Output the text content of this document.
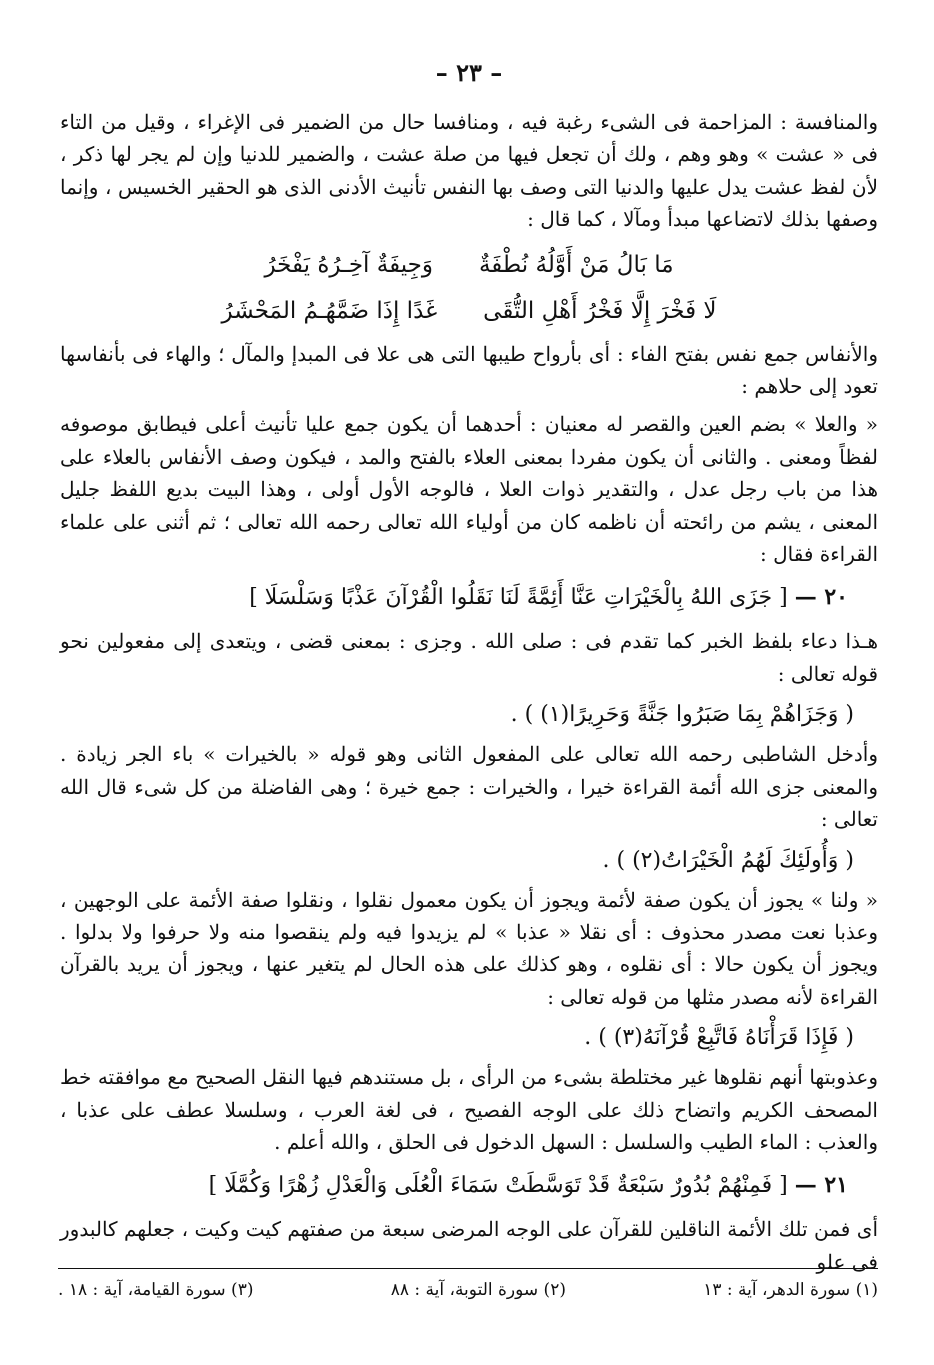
– ٢٣ –

والمنافسة : المزاحمة فى الشىء رغبة فيه ، ومنافسا حال من الضمير فى الإغراء ، وقيل من التاء فى « عشت » وهو وهم ، ولك أن تجعل فيها من صلة عشت ، والضمير للدنيا وإن لم يجر لها ذكر ، لأن لفظ عشت يدل عليها والدنيا التى وصف بها النفس تأنيث الأدنى الذى هو الحقير الخسيس ، وإنما وصفها بذلك لاتضاعها مبدأ ومآلا ، كما قال :

مَا بَالُ مَنْ أَوَّلُهُ نُطْفَةٌ
وَجِيفَةٌ آخِـرُهُ يَفْخَرُ
لَا فَخْرَ إِلَّا فَخْرُ أَهْلِ التُّقَى
غَدًا إِذَا ضَمَّهُـمُ المَحْشَرُ

والأنفاس جمع نفس بفتح الفاء : أى بأرواح طيبها التى هى علا فى المبدإ والمآل ؛ والهاء فى بأنفاسها تعود إلى حلاهم :

« والعلا » بضم العين والقصر له معنيان : أحدهما أن يكون جمع عليا تأنيث أعلى فيطابق موصوفه لفظاً ومعنى . والثانى أن يكون مفردا بمعنى العلاء بالفتح والمد ، فيكون وصف الأنفاس بالعلاء على هذا من باب رجل عدل ، والتقدير ذوات العلا ، فالوجه الأول أولى ، وهذا البيت بديع اللفظ جليل المعنى ، يشم من رائحته أن ناظمه كان من أولياء الله تعالى رحمه الله تعالى ؛ ثم أثنى على علماء القراءة فقال :

٢٠ — [ جَزَى اللهُ بِالْخَيْرَاتِ عَنَّا أَئِمَّةً لَنَا نَقَلُوا الْقُرْآنَ عَذْبًا وَسَلْسَلَا ]

هـذا دعاء بلفظ الخبر كما تقدم فى : صلى الله . وجزى : بمعنى قضى ، ويتعدى إلى مفعولين نحو قوله تعالى :

( وَجَزَاهُمْ بِمَا صَبَرُوا جَنَّةً وَحَرِيرًا(١) ) .

وأدخل الشاطبى رحمه الله تعالى على المفعول الثانى وهو قوله « بالخيرات » باء الجر زيادة . والمعنى جزى الله أئمة القراءة خيرا ، والخيرات : جمع خيرة ؛ وهى الفاضلة من كل شىء قال الله تعالى :

( وَأُولَئِكَ لَهُمُ الْخَيْرَاتُ(٢) ) .

« ولنا » يجوز أن يكون صفة لأئمة ويجوز أن يكون معمول نقلوا ، ونقلوا صفة الأئمة على الوجهين ، وعذبا نعت مصدر محذوف : أى نقلا « عذبا » لم يزيدوا فيه ولم ينقصوا منه ولا حرفوا ولا بدلوا . ويجوز أن يكون حالا : أى نقلوه ، وهو كذلك على هذه الحال لم يتغير عنها ، ويجوز أن يريد بالقرآن القراءة لأنه مصدر مثلها من قوله تعالى :

( فَإِذَا قَرَأْنَاهُ فَاتَّبِعْ قُرْآنَهُ(٣) ) .

وعذوبتها أنهم نقلوها غير مختلطة بشىء من الرأى ، بل مستندهم فيها النقل الصحيح مع موافقته خط المصحف الكريم واتضاح ذلك على الوجه الفصيح ، فى لغة العرب ، وسلسلا عطف على عذبا ، والعذب : الماء الطيب والسلسل : السهل الدخول فى الحلق ، والله أعلم .

٢١ — [ فَمِنْهُمْ بُدُورٌ سَبْعَةٌ قَدْ تَوَسَّطَتْ سَمَاءَ الْعُلَى وَالْعَدْلِ زُهْرًا وَكُمَّلَا ]

أى فمن تلك الأئمة الناقلين للقرآن على الوجه المرضى سبعة من صفتهم كيت وكيت ، جعلهم كالبدور فى علو

(١) سورة الدهر، آية : ١٣
(٢) سورة التوبة، آية : ٨٨
(٣) سورة القيامة، آية : ١٨ .
